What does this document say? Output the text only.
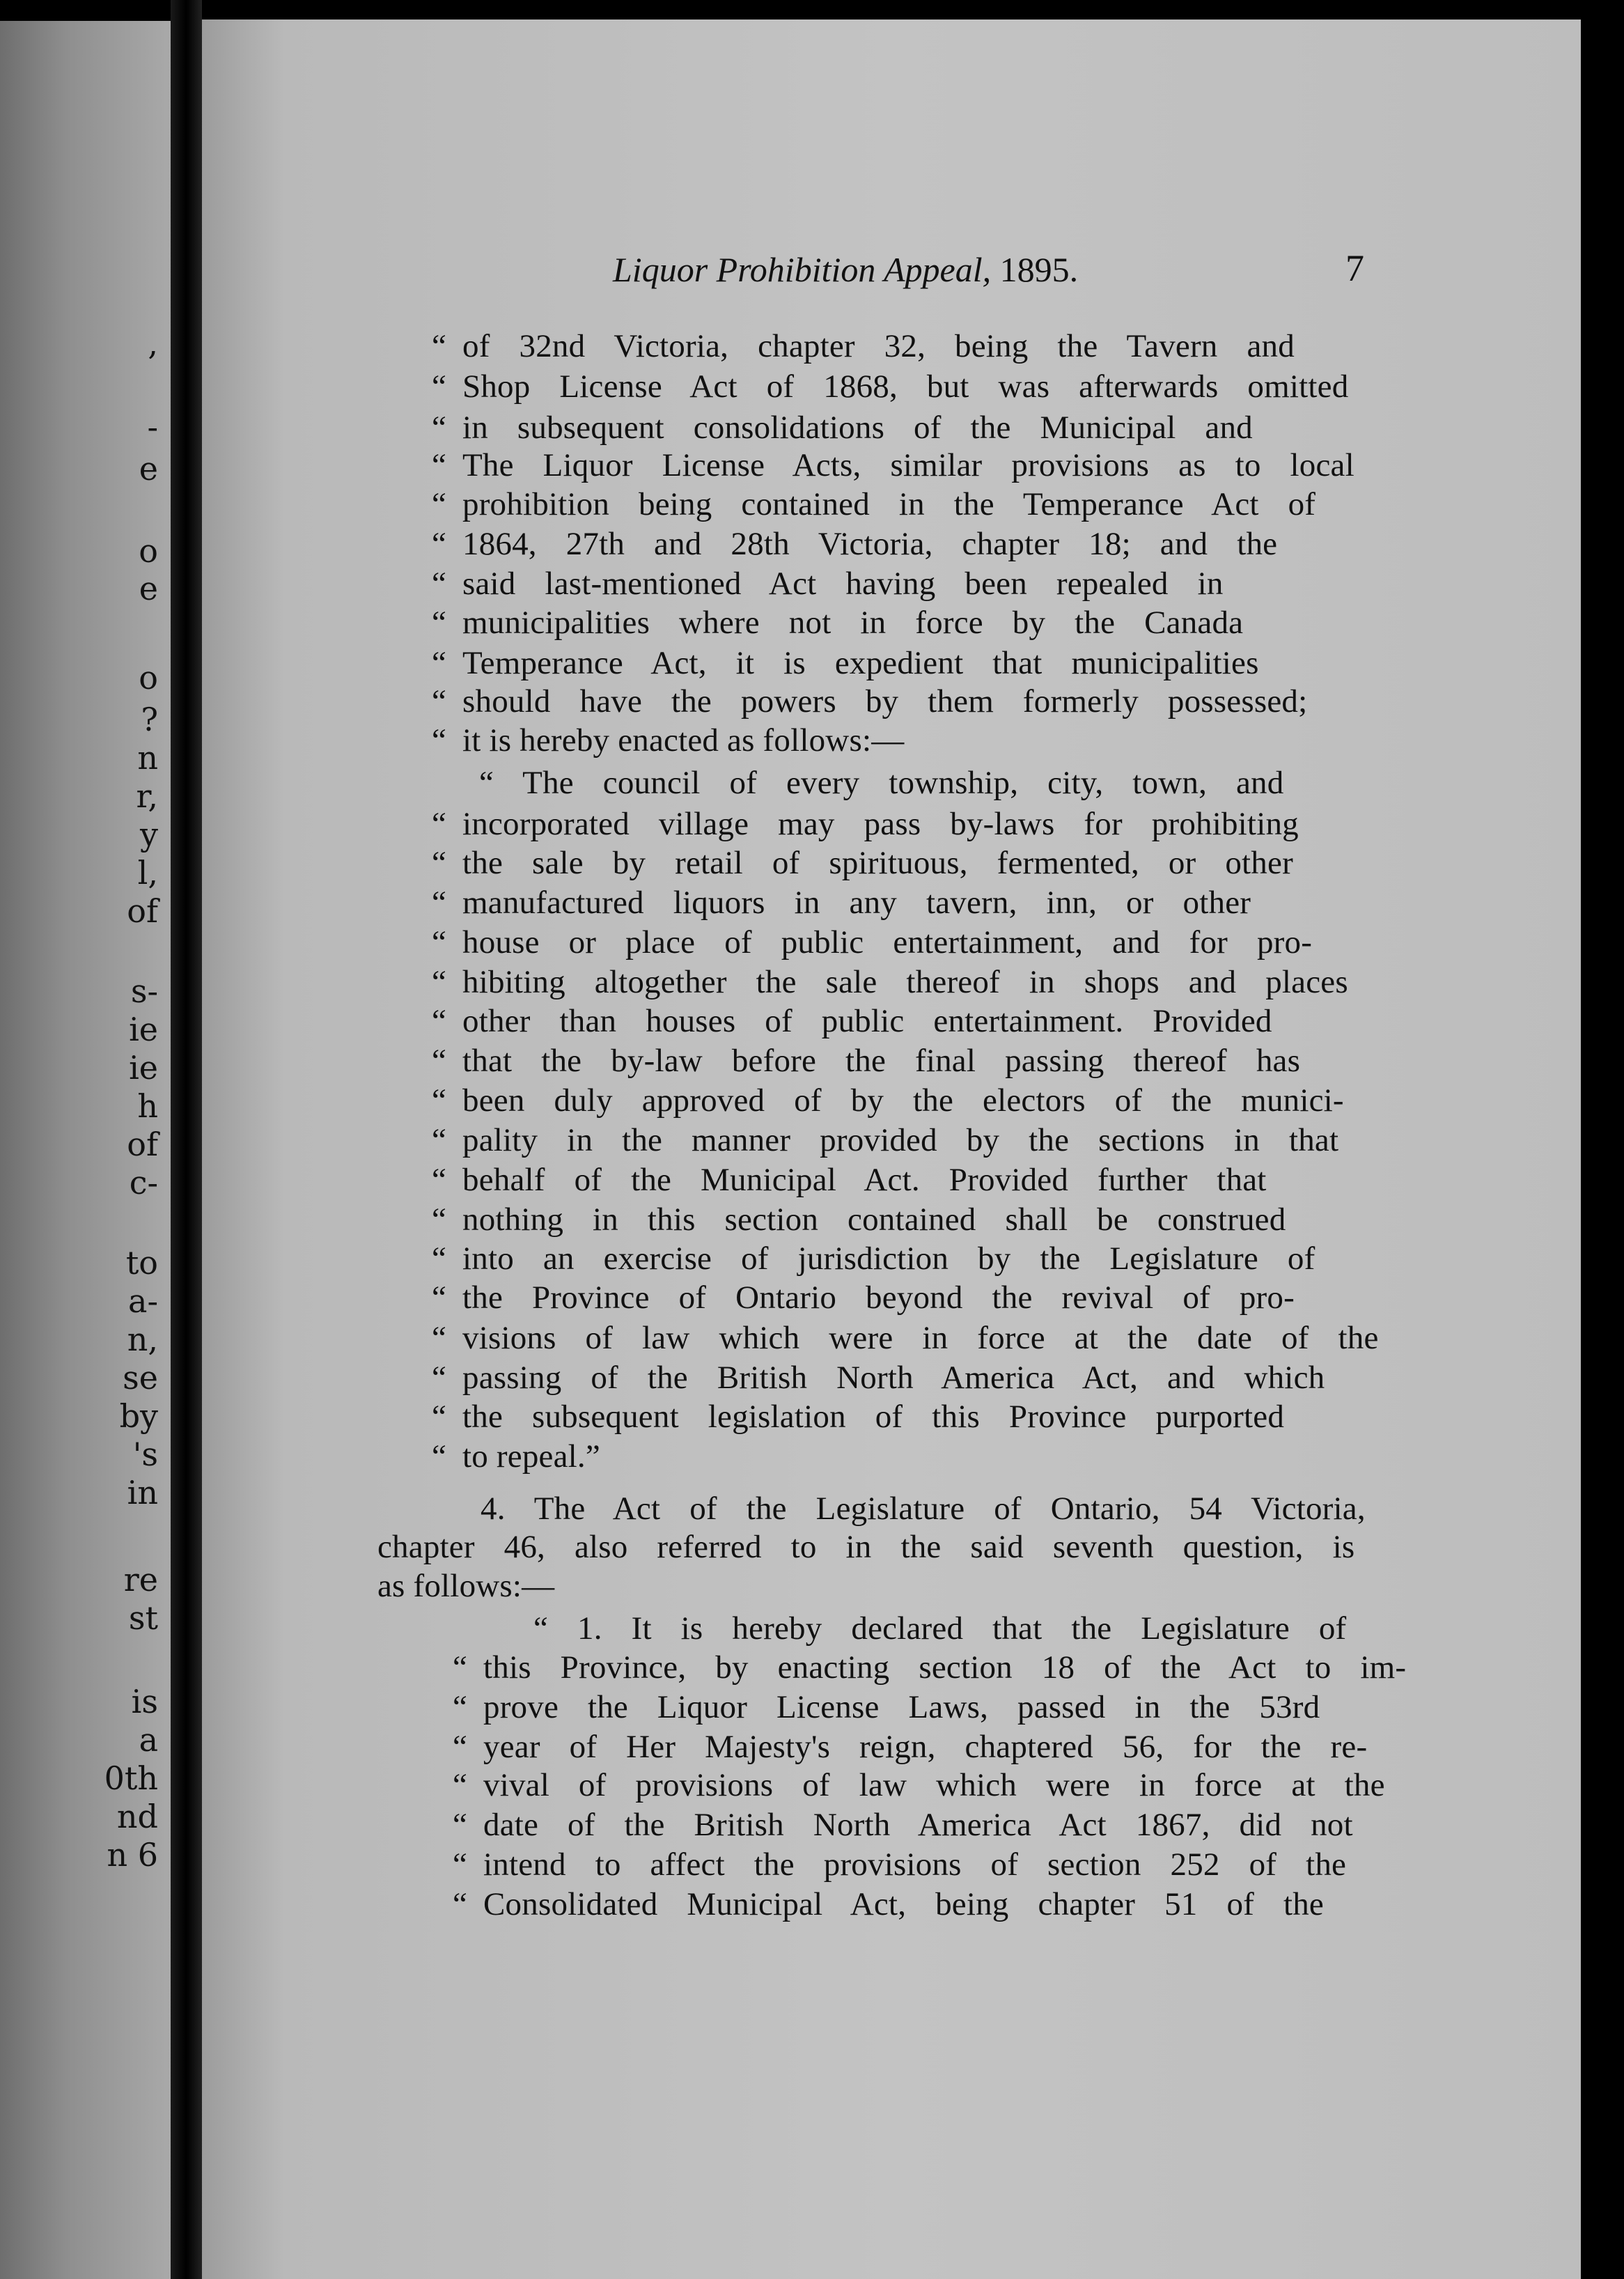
,
-
e
o
e
o
?
n
r,
y
l,
of
s-
ie
ie
h
of
c-
to
a-
n,
se
by
's
in
re
st
is
a
0th
nd
n 6
Liquor Prohibition Appeal, 1895.	7
“ of 32nd Victoria, chapter 32, being the Tavern and
“ Shop License Act of 1868, but was afterwards omitted
“ in subsequent consolidations of the Municipal and
“ The Liquor License Acts, similar provisions as to local
“ prohibition being contained in the Temperance Act of
“ 1864, 27th and 28th Victoria, chapter 18; and the
“ said last-mentioned Act having been repealed in
“ municipalities where not in force by the Canada
“ Temperance Act, it is expedient that municipalities
“ should have the powers by them formerly possessed;
“ it is hereby enacted as follows:—
“ The council of every township, city, town, and
“ incorporated village may pass by-laws for prohibiting
“ the sale by retail of spirituous, fermented, or other
“ manufactured liquors in any tavern, inn, or other
“ house or place of public entertainment, and for pro-
“ hibiting altogether the sale thereof in shops and places
“ other than houses of public entertainment. Provided
“ that the by-law before the final passing thereof has
“ been duly approved of by the electors of the munici-
“ pality in the manner provided by the sections in that
“ behalf of the Municipal Act. Provided further that
“ nothing in this section contained shall be construed
“ into an exercise of jurisdiction by the Legislature of
“ the Province of Ontario beyond the revival of pro-
“ visions of law which were in force at the date of the
“ passing of the British North America Act, and which
“ the subsequent legislation of this Province purported
“ to repeal.”
4. The Act of the Legislature of Ontario, 54 Victoria,
chapter 46, also referred to in the said seventh question, is
as follows:—
“ 1. It is hereby declared that the Legislature of
“ this Province, by enacting section 18 of the Act to im-
“ prove the Liquor License Laws, passed in the 53rd
“ year of Her Majesty's reign, chaptered 56, for the re-
“ vival of provisions of law which were in force at the
“ date of the British North America Act 1867, did not
“ intend to affect the provisions of section 252 of the
“ Consolidated Municipal Act, being chapter 51 of the
